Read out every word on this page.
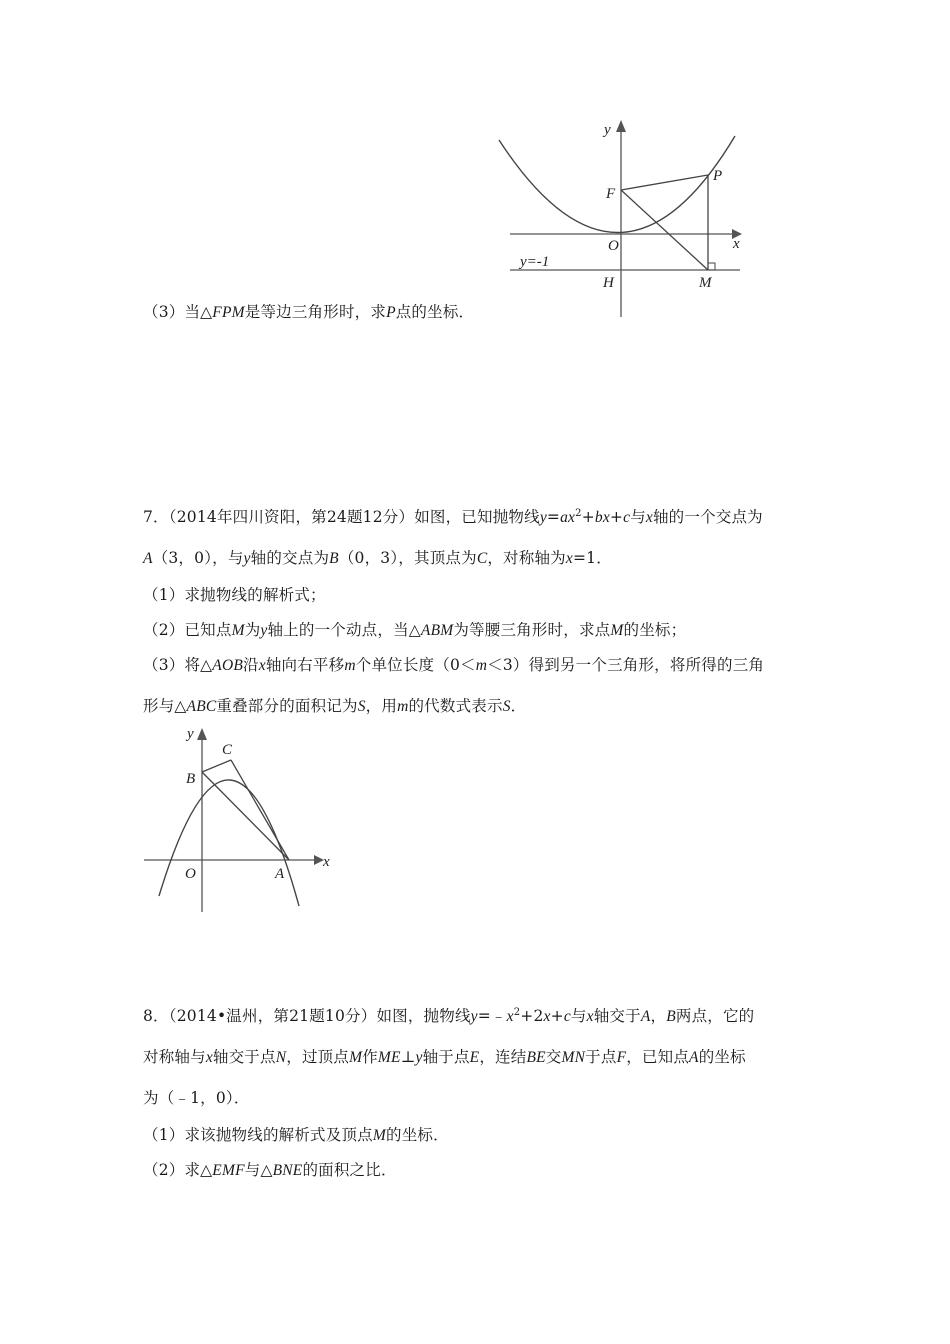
y
x
F
P
O
H	M
y=-1
（3）当△FPM是等边三角形时，求P点的坐标．
7．（2014年四川资阳，第24题12分）如图，已知抛物线$y=ax^2+bx+c$与x轴的一个交点为
A（3，0），与y轴的交点为B（0，3），其顶点为C，对称轴为x=1．
（1）求抛物线的解析式；
（2）已知点M为y轴上的一个动点，当△ABM为等腰三角形时，求点M的坐标；
（3）将△AOB沿x轴向右平移m个单位长度（0＜m＜3）得到另一个三角形，将所得的三角
形与△ABC重叠部分的面积记为S，用m的代数式表示S．
y
C
B
O	A
x
8．（2014•温州，第21题10分）如图，抛物线$y=﹣x^2+2x+c$与x轴交于A，B两点，它的
对称轴与x轴交于点N，过顶点M作ME⊥y轴于点E，连结BE交MN于点F，已知点A的坐标
为（﹣1，0）．
（1）求该抛物线的解析式及顶点M的坐标．
（2）求△EMF与△BNE的面积之比．
